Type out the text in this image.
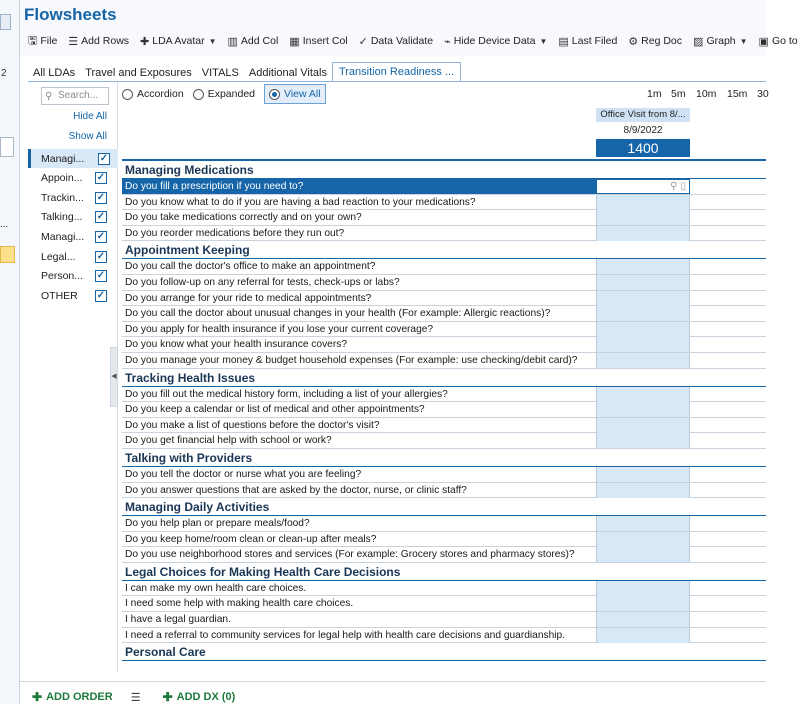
2
...
Flowsheets
🖫 File ☰ Add Rows ✚ LDA Avatar ▼ ▥ Add Col ▦ Insert Col ✓ Data Validate ⌁ Hide Device Data ▼ ▤ Last Filed ⚙ Reg Doc ▨ Graph ▼ ▣ Go to
All LDAs Travel and Exposures VITALS Additional Vitals	Transition Readiness ...
⚲ Search...
Hide All
Show All
Managi... ✓
Appoin... ✓
Trackin... ✓
Talking... ✓
Managi... ✓
Legal... ✓
Person... ✓
OTHER ✓
◀
Accordion Expanded	View All	1m 5m 10m 15m 30
Office Visit from 8/...
8/9/2022
1400
Managing Medications
Do you fill a prescription if you need to?	⚲ ▯
Do you know what to do if you are having a bad reaction to your medications?
Do you take medications correctly and on your own?
Do you reorder medications before they run out?
Appointment Keeping
Do you call the doctor's office to make an appointment?
Do you follow-up on any referral for tests, check-ups or labs?
Do you arrange for your ride to medical appointments?
Do you call the doctor about unusual changes in your health (For example: Allergic reactions)?
Do you apply for health insurance if you lose your current coverage?
Do you know what your health insurance covers?
Do you manage your money & budget household expenses (For example: use checking/debit card)?
Tracking Health Issues
Do you fill out the medical history form, including a list of your allergies?
Do you keep a calendar or list of medical and other appointments?
Do you make a list of questions before the doctor's visit?
Do you get financial help with school or work?
Talking with Providers
Do you tell the doctor or nurse what you are feeling?
Do you answer questions that are asked by the doctor, nurse, or clinic staff?
Managing Daily Activities
Do you help plan or prepare meals/food?
Do you keep home/room clean or clean-up after meals?
Do you use neighborhood stores and services (For example: Grocery stores and pharmacy stores)?
Legal Choices for Making Health Care Decisions
I can make my own health care choices.
I need some help with making health care choices.
I have a legal guardian.
I need a referral to community services for legal help with health care decisions and guardianship.
Personal Care
✚ ADD ORDER ☰ ✚ ADD DX (0)
